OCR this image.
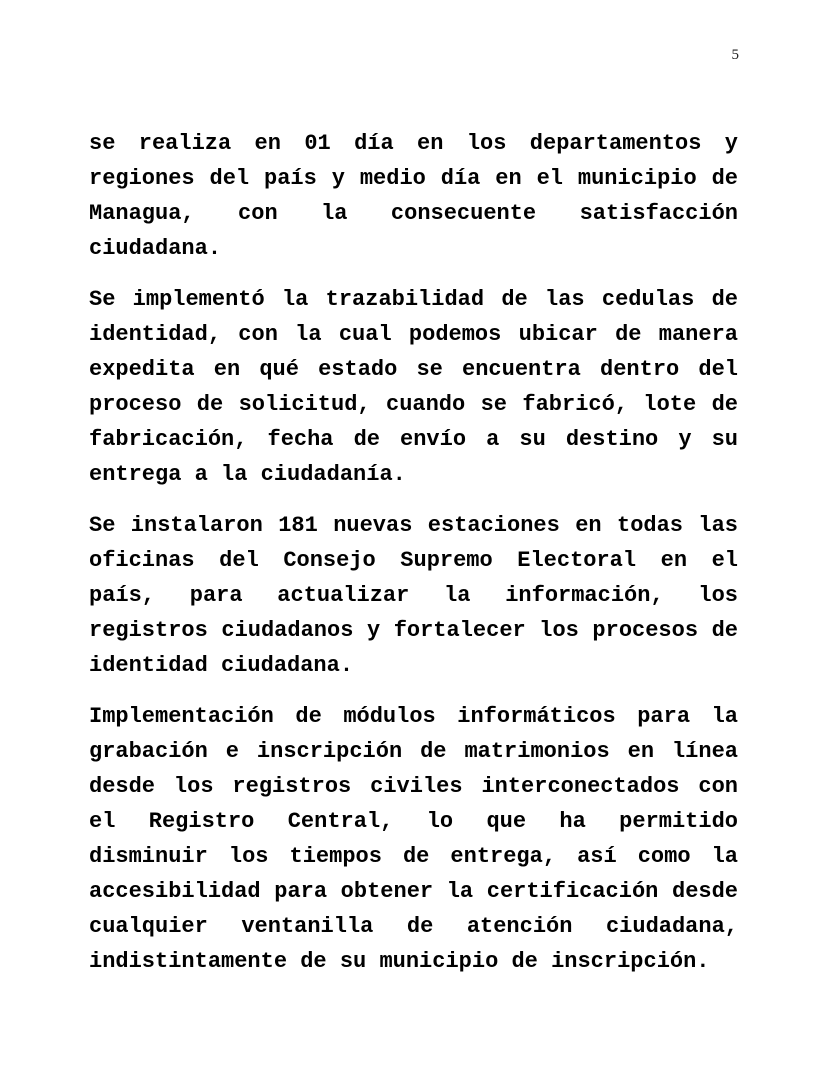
5

se realiza en 01 día en los departamentos y regiones del país y medio día en el municipio de Managua, con la consecuente satisfacción ciudadana.

Se implementó la trazabilidad de las cedulas de identidad, con la cual podemos ubicar de manera expedita en qué estado se encuentra dentro del proceso de solicitud, cuando se fabricó, lote de fabricación, fecha de envío a su destino y su entrega a la ciudadanía.

Se instalaron 181 nuevas estaciones en todas las oficinas del Consejo Supremo Electoral en el país, para actualizar la información, los registros ciudadanos y fortalecer los procesos de identidad ciudadana.

Implementación de módulos informáticos para la grabación e inscripción de matrimonios en línea desde los registros civiles interconectados con el Registro Central, lo que ha permitido disminuir los tiempos de entrega, así como la accesibilidad para obtener la certificación desde cualquier ventanilla de atención ciudadana, indistintamente de su municipio de inscripción.
